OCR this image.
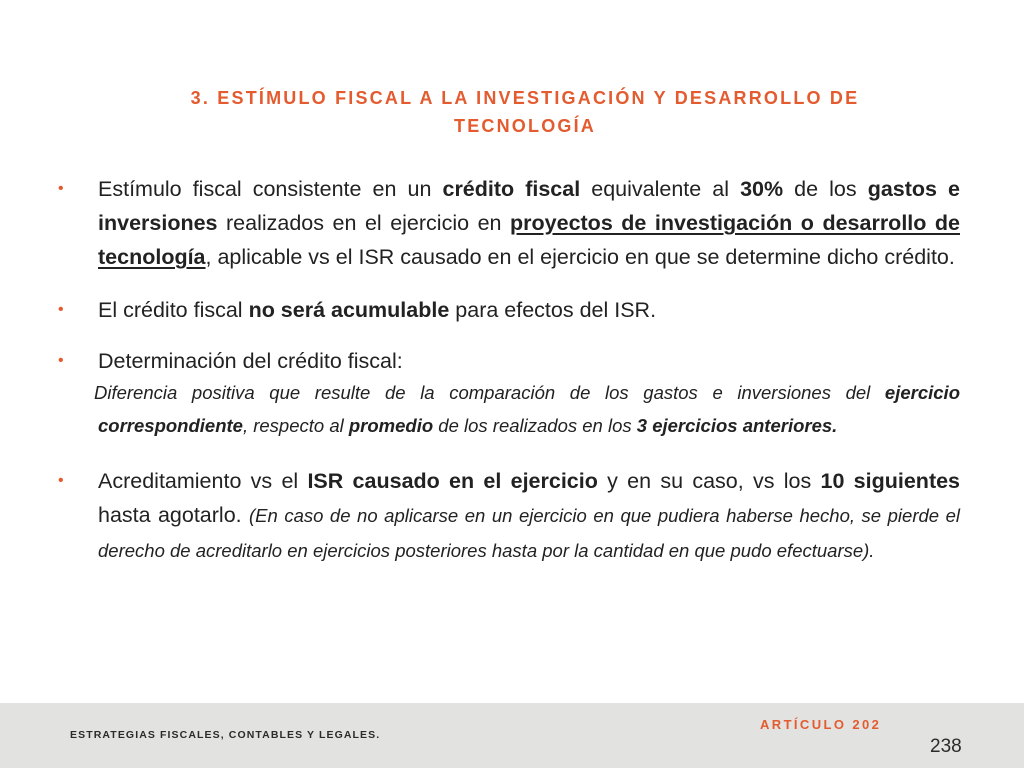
3. ESTÍMULO FISCAL A LA INVESTIGACIÓN Y DESARROLLO DE
TECNOLOGÍA
• Estímulo fiscal consistente en un crédito fiscal equivalente al 30% de los gastos e inversiones realizados en el ejercicio en proyectos de investigación o desarrollo de tecnología, aplicable vs el ISR causado en el ejercicio en que se determine dicho crédito.
• El crédito fiscal no será acumulable para efectos del ISR.
• Determinación del crédito fiscal:
Diferencia positiva que resulte de la comparación de los gastos e inversiones del ejercicio correspondiente, respecto al promedio de los realizados en los 3 ejercicios anteriores.
• Acreditamiento vs el ISR causado en el ejercicio y en su caso, vs los 10 siguientes hasta agotarlo. (En caso de no aplicarse en un ejercicio en que pudiera haberse hecho, se pierde el derecho de acreditarlo en ejercicios posteriores hasta por la cantidad en que pudo efectuarse).
ESTRATEGIAS FISCALES, CONTABLES Y LEGALES.
ARTÍCULO 202
238
